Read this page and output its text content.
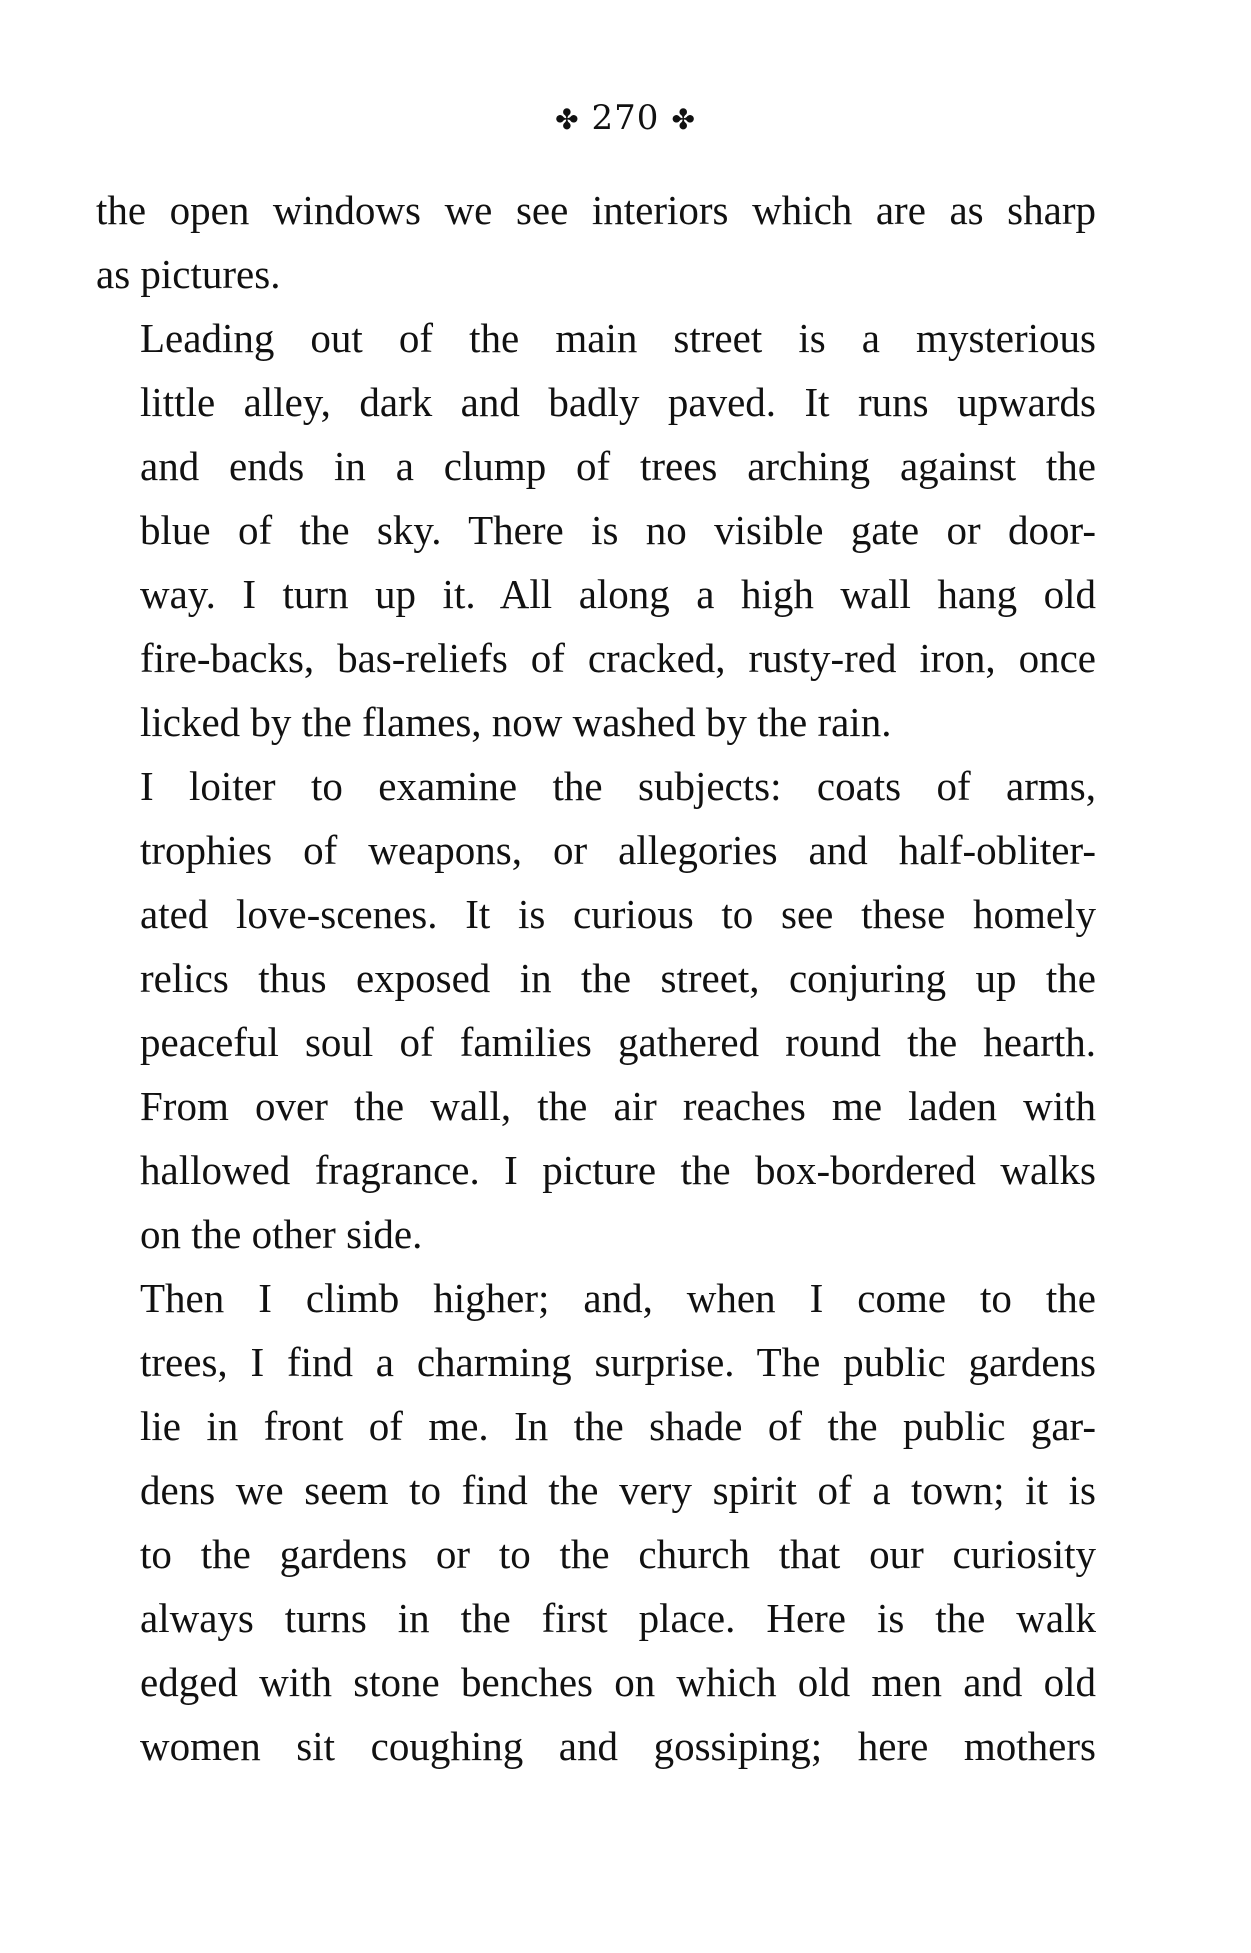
✤ 270 ✤

the open windows we see interiors which are as sharp
as pictures.

Leading out of the main street is a mysterious
little alley, dark and badly paved. It runs upwards
and ends in a clump of trees arching against the
blue of the sky. There is no visible gate or door-
way. I turn up it. All along a high wall hang old
fire-backs, bas-reliefs of cracked, rusty-red iron, once
licked by the flames, now washed by the rain.

I loiter to examine the subjects: coats of arms,
trophies of weapons, or allegories and half-obliter-
ated love-scenes. It is curious to see these homely
relics thus exposed in the street, conjuring up the
peaceful soul of families gathered round the hearth.
From over the wall, the air reaches me laden with
hallowed fragrance. I picture the box-bordered walks
on the other side.

Then I climb higher; and, when I come to the
trees, I find a charming surprise. The public gardens
lie in front of me. In the shade of the public gar-
dens we seem to find the very spirit of a town; it is
to the gardens or to the church that our curiosity
always turns in the first place. Here is the walk
edged with stone benches on which old men and old
women sit coughing and gossiping; here mothers
